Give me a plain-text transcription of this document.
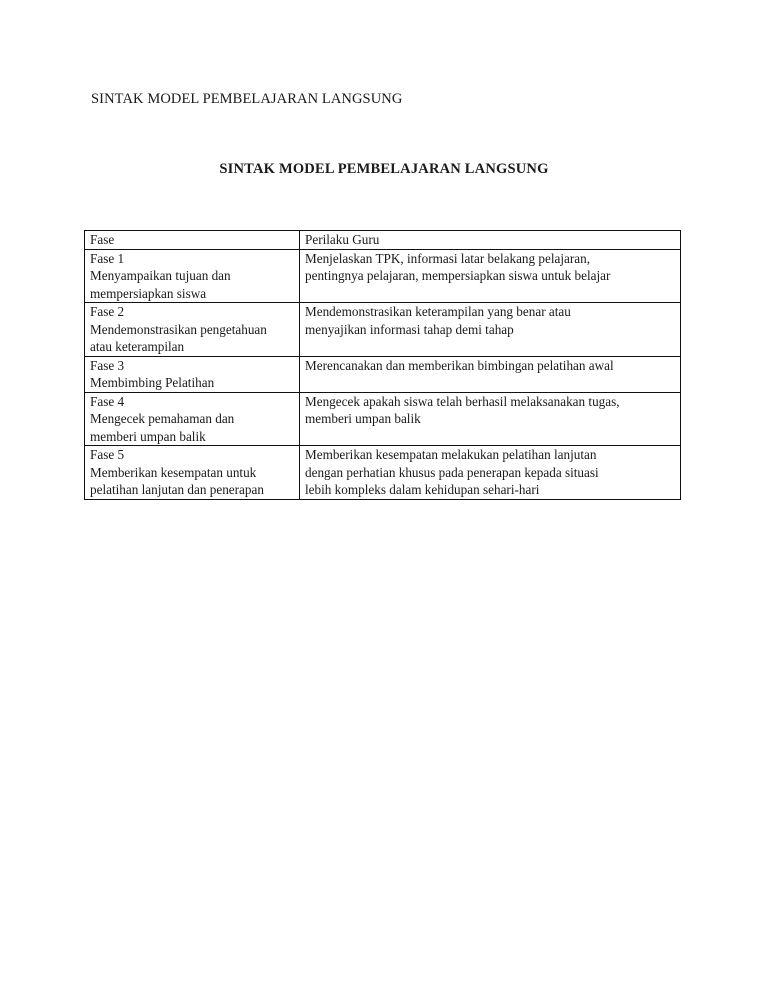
SINTAK MODEL PEMBELAJARAN LANGSUNG
SINTAK MODEL PEMBELAJARAN LANGSUNG
Fase	Perilaku Guru

Fase 1
Menyampaikan tujuan dan
mempersiapkan siswa	Menjelaskan TPK, informasi latar belakang pelajaran,
pentingnya pelajaran, mempersiapkan siswa untuk belajar

Fase 2
Mendemonstrasikan pengetahuan
atau keterampilan	Mendemonstrasikan keterampilan yang benar atau
menyajikan informasi tahap demi tahap

Fase 3
Membimbing Pelatihan	Merencanakan dan memberikan bimbingan pelatihan awal

Fase 4
Mengecek pemahaman dan
memberi umpan balik	Mengecek apakah siswa telah berhasil melaksanakan tugas,
memberi umpan balik

Fase 5
Memberikan kesempatan untuk
pelatihan lanjutan dan penerapan	Memberikan kesempatan melakukan pelatihan lanjutan
dengan perhatian khusus pada penerapan kepada situasi
lebih kompleks dalam kehidupan sehari-hari
